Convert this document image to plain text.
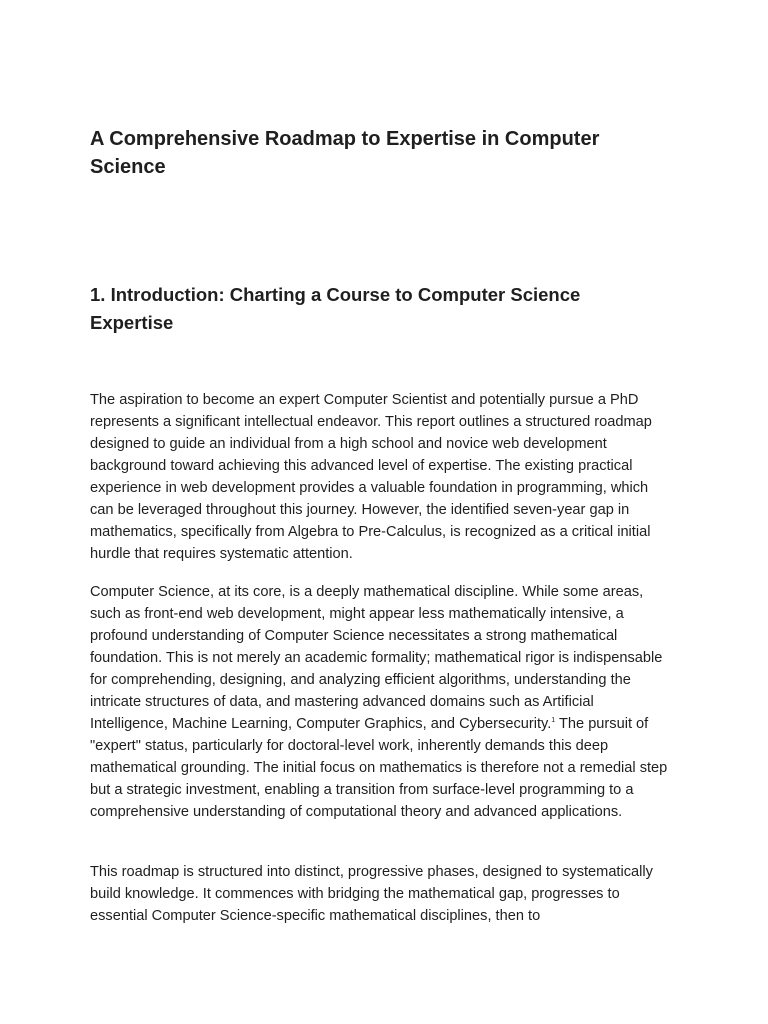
A Comprehensive Roadmap to Expertise in Computer Science
1. Introduction: Charting a Course to Computer Science Expertise

The aspiration to become an expert Computer Scientist and potentially pursue a PhD represents a significant intellectual endeavor. This report outlines a structured roadmap designed to guide an individual from a high school and novice web development background toward achieving this advanced level of expertise. The existing practical experience in web development provides a valuable foundation in programming, which can be leveraged throughout this journey. However, the identified seven-year gap in mathematics, specifically from Algebra to Pre-Calculus, is recognized as a critical initial hurdle that requires systematic attention.

Computer Science, at its core, is a deeply mathematical discipline. While some areas, such as front-end web development, might appear less mathematically intensive, a profound understanding of Computer Science necessitates a strong mathematical foundation. This is not merely an academic formality; mathematical rigor is indispensable for comprehending, designing, and analyzing efficient algorithms, understanding the intricate structures of data, and mastering advanced domains such as Artificial Intelligence, Machine Learning, Computer Graphics, and Cybersecurity.$^1$ The pursuit of "expert" status, particularly for doctoral-level work, inherently demands this deep mathematical grounding. The initial focus on mathematics is therefore not a remedial step but a strategic investment, enabling a transition from surface-level programming to a comprehensive understanding of computational theory and advanced applications.

This roadmap is structured into distinct, progressive phases, designed to systematically build knowledge. It commences with bridging the mathematical gap, progresses to essential Computer Science-specific mathematical disciplines, then to
